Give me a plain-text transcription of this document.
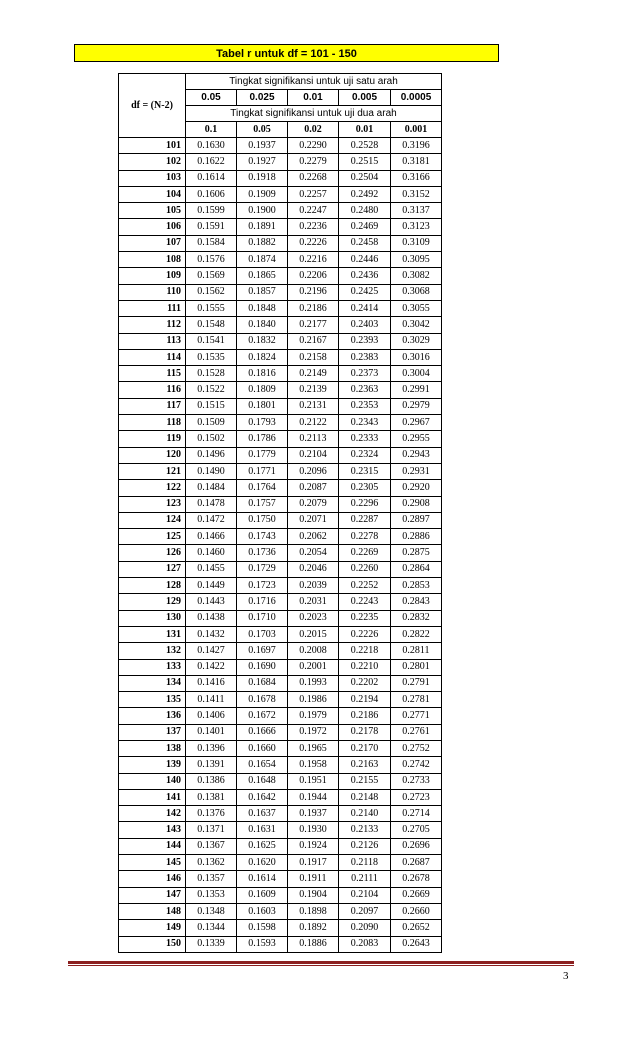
Tabel r untuk df = 101 - 150
df = (N-2)	Tingkat signifikansi untuk uji satu arah				
	0.05	0.025	0.01	0.005	0.0005
	Tingkat signifikansi untuk uji dua arah				
	0.1	0.05	0.02	0.01	0.001
101	0.1630	0.1937	0.2290	0.2528	0.3196
102	0.1622	0.1927	0.2279	0.2515	0.3181
103	0.1614	0.1918	0.2268	0.2504	0.3166
104	0.1606	0.1909	0.2257	0.2492	0.3152
105	0.1599	0.1900	0.2247	0.2480	0.3137
106	0.1591	0.1891	0.2236	0.2469	0.3123
107	0.1584	0.1882	0.2226	0.2458	0.3109
108	0.1576	0.1874	0.2216	0.2446	0.3095
109	0.1569	0.1865	0.2206	0.2436	0.3082
110	0.1562	0.1857	0.2196	0.2425	0.3068
111	0.1555	0.1848	0.2186	0.2414	0.3055
112	0.1548	0.1840	0.2177	0.2403	0.3042
113	0.1541	0.1832	0.2167	0.2393	0.3029
114	0.1535	0.1824	0.2158	0.2383	0.3016
115	0.1528	0.1816	0.2149	0.2373	0.3004
116	0.1522	0.1809	0.2139	0.2363	0.2991
117	0.1515	0.1801	0.2131	0.2353	0.2979
118	0.1509	0.1793	0.2122	0.2343	0.2967
119	0.1502	0.1786	0.2113	0.2333	0.2955
120	0.1496	0.1779	0.2104	0.2324	0.2943
121	0.1490	0.1771	0.2096	0.2315	0.2931
122	0.1484	0.1764	0.2087	0.2305	0.2920
123	0.1478	0.1757	0.2079	0.2296	0.2908
124	0.1472	0.1750	0.2071	0.2287	0.2897
125	0.1466	0.1743	0.2062	0.2278	0.2886
126	0.1460	0.1736	0.2054	0.2269	0.2875
127	0.1455	0.1729	0.2046	0.2260	0.2864
128	0.1449	0.1723	0.2039	0.2252	0.2853
129	0.1443	0.1716	0.2031	0.2243	0.2843
130	0.1438	0.1710	0.2023	0.2235	0.2832
131	0.1432	0.1703	0.2015	0.2226	0.2822
132	0.1427	0.1697	0.2008	0.2218	0.2811
133	0.1422	0.1690	0.2001	0.2210	0.2801
134	0.1416	0.1684	0.1993	0.2202	0.2791
135	0.1411	0.1678	0.1986	0.2194	0.2781
136	0.1406	0.1672	0.1979	0.2186	0.2771
137	0.1401	0.1666	0.1972	0.2178	0.2761
138	0.1396	0.1660	0.1965	0.2170	0.2752
139	0.1391	0.1654	0.1958	0.2163	0.2742
140	0.1386	0.1648	0.1951	0.2155	0.2733
141	0.1381	0.1642	0.1944	0.2148	0.2723
142	0.1376	0.1637	0.1937	0.2140	0.2714
143	0.1371	0.1631	0.1930	0.2133	0.2705
144	0.1367	0.1625	0.1924	0.2126	0.2696
145	0.1362	0.1620	0.1917	0.2118	0.2687
146	0.1357	0.1614	0.1911	0.2111	0.2678
147	0.1353	0.1609	0.1904	0.2104	0.2669
148	0.1348	0.1603	0.1898	0.2097	0.2660
149	0.1344	0.1598	0.1892	0.2090	0.2652
150	0.1339	0.1593	0.1886	0.2083	0.2643
3
